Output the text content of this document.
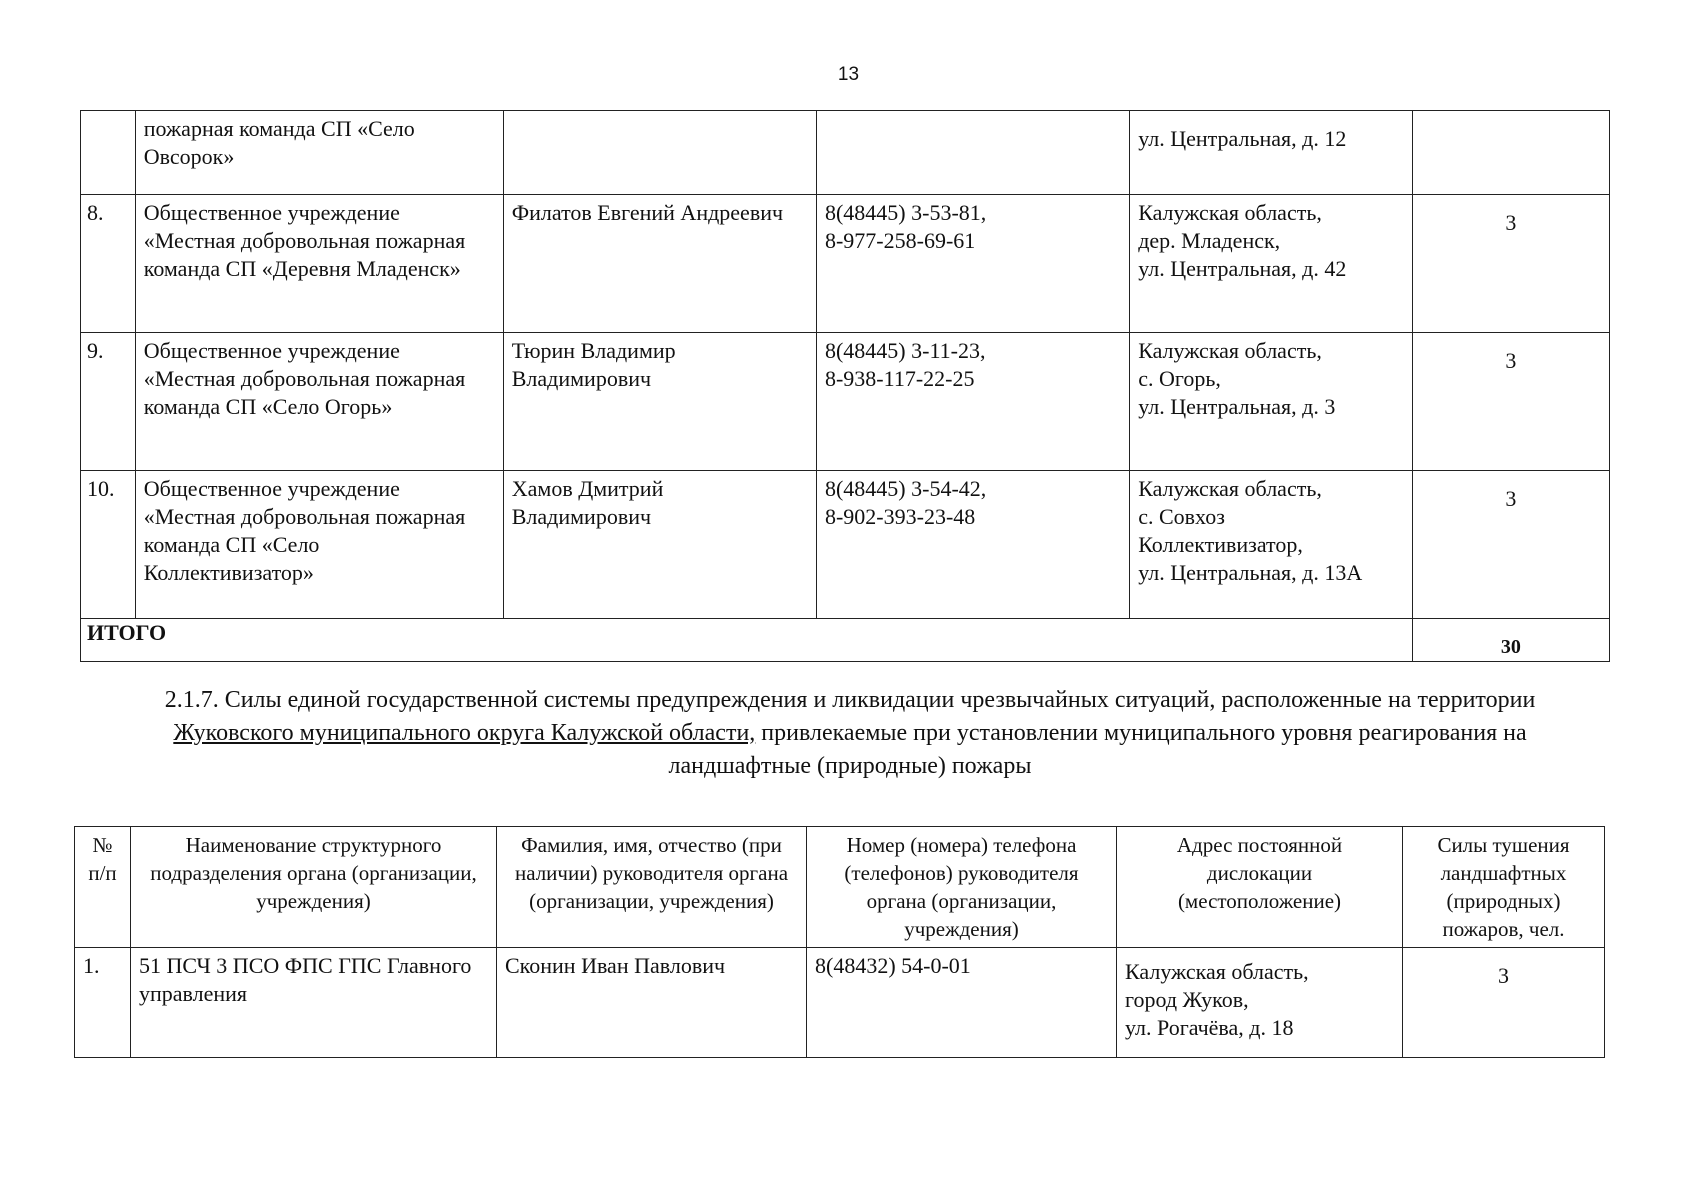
13
	пожарная команда СП «Село Овсорок»			ул. Центральная, д. 12	
8.	Общественное учреждение «Местная добровольная пожарная команда СП «Деревня Младенск»	Филатов Евгений Андреевич	8(48445) 3-53-81,
8-977-258-69-61	Калужская область,
дер. Младенск,
ул. Центральная, д. 42	3
9.	Общественное учреждение «Местная добровольная пожарная команда СП «Село Огорь»	Тюрин Владимир Владимирович	8(48445) 3-11-23,
8-938-117-22-25	Калужская область,
с. Огорь,
ул. Центральная, д. 3	3
10.	Общественное учреждение «Местная добровольная пожарная команда СП «Село Коллективизатор»	Хамов Дмитрий Владимирович	8(48445) 3-54-42,
8-902-393-23-48	Калужская область,
с. Совхоз
Коллективизатор,
ул. Центральная, д. 13А	3
ИТОГО					30
2.1.7. Силы единой государственной системы предупреждения и ликвидации чрезвычайных ситуаций, расположенные на территории Жуковского муниципального округа Калужской области, привлекаемые при установлении муниципального уровня реагирования на ландшафтные (природные) пожары
№ п/п	Наименование структурного подразделения органа (организации, учреждения)	Фамилия, имя, отчество (при наличии) руководителя органа (организации, учреждения)	Номер (номера) телефона (телефонов) руководителя органа (организации, учреждения)	Адрес постоянной дислокации (местоположение)	Силы тушения ландшафтных (природных) пожаров, чел.
1.	51 ПСЧ 3 ПСО ФПС ГПС Главного управления	Сконин Иван Павлович	8(48432) 54-0-01	Калужская область,
город Жуков,
ул. Рогачёва, д. 18	3
